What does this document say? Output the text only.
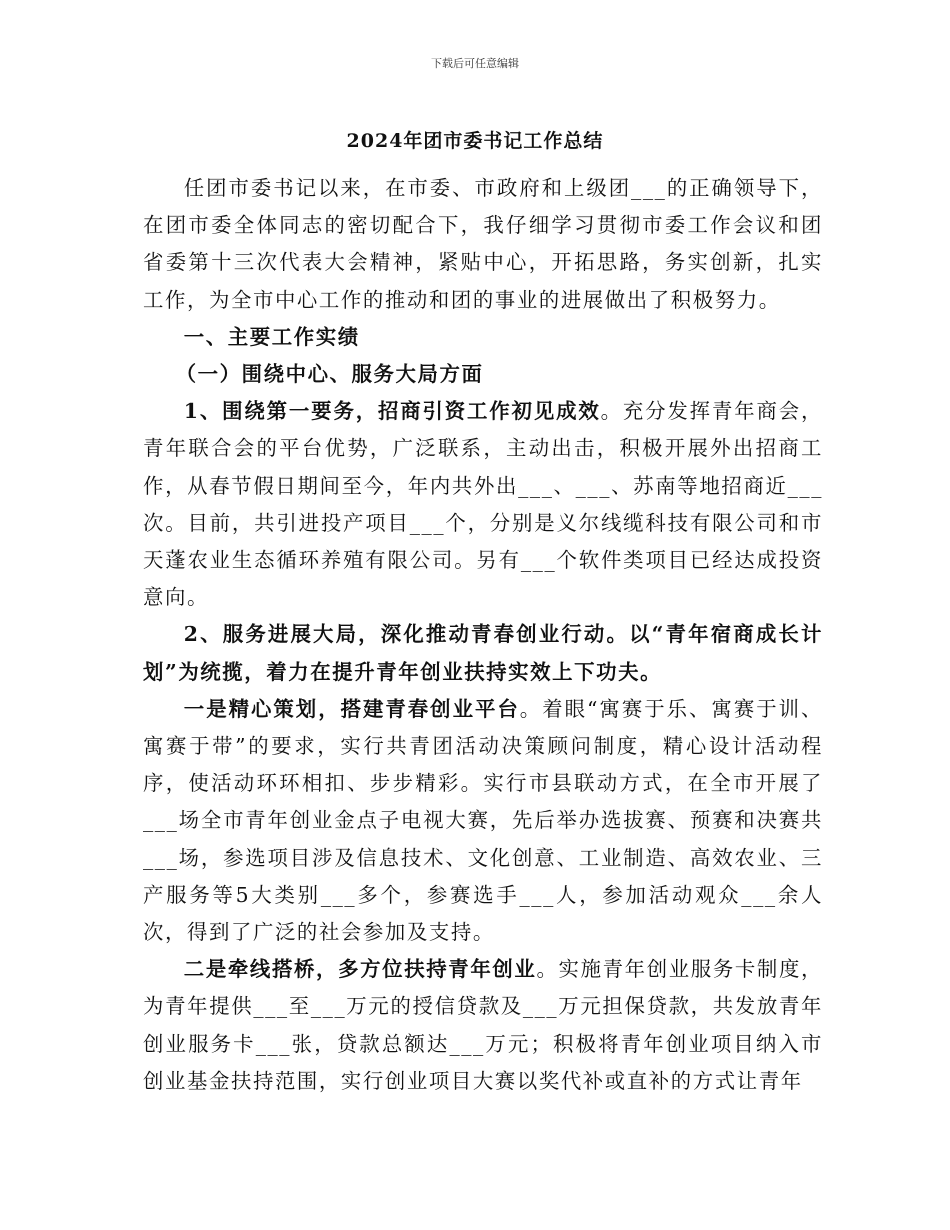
下载后可任意编辑
2024年团市委书记工作总结

任团市委书记以来，在市委、市政府和上级团___的正确领导下，在团市委全体同志的密切配合下，我仔细学习贯彻市委工作会议和团省委第十三次代表大会精神，紧贴中心，开拓思路，务实创新，扎实工作，为全市中心工作的推动和团的事业的进展做出了积极努力。

一、主要工作实绩

（一）围绕中心、服务大局方面

1、围绕第一要务，招商引资工作初见成效。充分发挥青年商会，青年联合会的平台优势，广泛联系，主动出击，积极开展外出招商工作，从春节假日期间至今，年内共外出___、___、苏南等地招商近___次。目前，共引进投产项目___个，分别是义尔线缆科技有限公司和市天蓬农业生态循环养殖有限公司。另有___个软件类项目已经达成投资意向。

2、服务进展大局，深化推动青春创业行动。以“青年宿商成长计划”为统揽，着力在提升青年创业扶持实效上下功夫。

一是精心策划，搭建青春创业平台。着眼“寓赛于乐、寓赛于训、寓赛于带”的要求，实行共青团活动决策顾问制度，精心设计活动程序，使活动环环相扣、步步精彩。实行市县联动方式，在全市开展了___场全市青年创业金点子电视大赛，先后举办选拔赛、预赛和决赛共___场，参选项目涉及信息技术、文化创意、工业制造、高效农业、三产服务等5大类别___多个，参赛选手___人，参加活动观众___余人次，得到了广泛的社会参加及支持。

二是牵线搭桥，多方位扶持青年创业。实施青年创业服务卡制度，为青年提供___至___万元的授信贷款及___万元担保贷款，共发放青年创业服务卡___张，贷款总额达___万元；积极将青年创业项目纳入市创业基金扶持范围，实行创业项目大赛以奖代补或直补的方式让青年
